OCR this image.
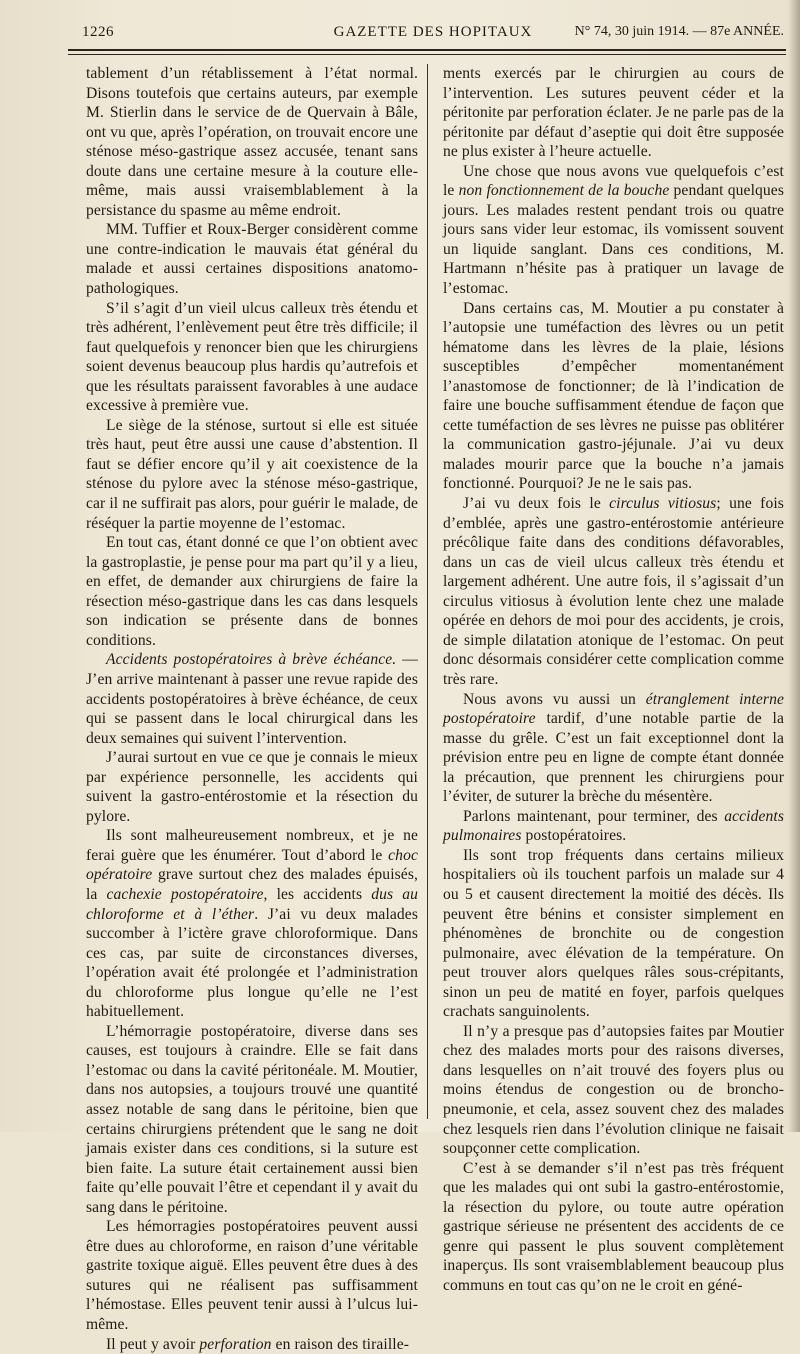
1226	GAZETTE DES HOPITAUX	N° 74, 30 juin 1914. — 87e ANNÉE.

tablement d’un rétablissement à l’état normal. Disons toutefois que certains auteurs, par exemple M. Stierlin dans le service de de Quervain à Bâle, ont vu que, après l’opération, on trouvait encore une sténose méso-gastrique assez accusée, tenant sans doute dans une certaine mesure à la couture elle-même, mais aussi vraisemblablement à la persistance du spasme au même endroit.

MM. Tuffier et Roux-Berger considèrent comme une contre-indication le mauvais état général du malade et aussi certaines dispositions anatomo-pathologiques.

S’il s’agit d’un vieil ulcus calleux très étendu et très adhérent, l’enlèvement peut être très difficile; il faut quelquefois y renoncer bien que les chirurgiens soient devenus beaucoup plus hardis qu’autrefois et que les résultats paraissent favorables à une audace excessive à première vue.

Le siège de la sténose, surtout si elle est située très haut, peut être aussi une cause d’abstention. Il faut se défier encore qu’il y ait coexistence de la sténose du pylore avec la sténose méso-gastrique, car il ne suffirait pas alors, pour guérir le malade, de réséquer la partie moyenne de l’estomac.

En tout cas, étant donné ce que l’on obtient avec la gastroplastie, je pense pour ma part qu’il y a lieu, en effet, de demander aux chirurgiens de faire la résection méso-gastrique dans les cas dans lesquels son indication se présente dans de bonnes conditions.

Accidents postopératoires à brève échéance. — J’en arrive maintenant à passer une revue rapide des accidents postopératoires à brève échéance, de ceux qui se passent dans le local chirurgical dans les deux semaines qui suivent l’intervention.

J’aurai surtout en vue ce que je connais le mieux par expérience personnelle, les accidents qui suivent la gastro-entérostomie et la résection du pylore.

Ils sont malheureusement nombreux, et je ne ferai guère que les énumérer. Tout d’abord le choc opératoire grave surtout chez des malades épuisés, la cachexie postopératoire, les accidents dus au chloroforme et à l’éther. J’ai vu deux malades succomber à l’ictère grave chloroformique. Dans ces cas, par suite de circonstances diverses, l’opération avait été prolongée et l’administration du chloroforme plus longue qu’elle ne l’est habituellement.

L’hémorragie postopératoire, diverse dans ses causes, est toujours à craindre. Elle se fait dans l’estomac ou dans la cavité péritonéale. M. Moutier, dans nos autopsies, a toujours trouvé une quantité assez notable de sang dans le péritoine, bien que certains chirurgiens prétendent que le sang ne doit jamais exister dans ces conditions, si la suture est bien faite. La suture était certainement aussi bien faite qu’elle pouvait l’être et cependant il y avait du sang dans le péritoine.

Les hémorragies postopératoires peuvent aussi être dues au chloroforme, en raison d’une véritable gastrite toxique aiguë. Elles peuvent être dues à des sutures qui ne réalisent pas suffisamment l’hémostase. Elles peuvent tenir aussi à l’ulcus lui-même.

Il peut y avoir perforation en raison des tiraille-

ments exercés par le chirurgien au cours de l’intervention. Les sutures peuvent céder et la péritonite par perforation éclater. Je ne parle pas de la péritonite par défaut d’aseptie qui doit être supposée ne plus exister à l’heure actuelle.

Une chose que nous avons vue quelquefois c’est le non fonctionnement de la bouche pendant quelques jours. Les malades restent pendant trois ou quatre jours sans vider leur estomac, ils vomissent souvent un liquide sanglant. Dans ces conditions, M. Hartmann n’hésite pas à pratiquer un lavage de l’estomac.

Dans certains cas, M. Moutier a pu constater à l’autopsie une tuméfaction des lèvres ou un petit hématome dans les lèvres de la plaie, lésions susceptibles d’empêcher momentanément l’anastomose de fonctionner; de là l’indication de faire une bouche suffisamment étendue de façon que cette tuméfaction de ses lèvres ne puisse pas oblitérer la communication gastro-jéjunale. J’ai vu deux malades mourir parce que la bouche n’a jamais fonctionné. Pourquoi? Je ne le sais pas.

J’ai vu deux fois le circulus vitiosus; une fois d’emblée, après une gastro-entérostomie antérieure précôlique faite dans des conditions défavorables, dans un cas de vieil ulcus calleux très étendu et largement adhérent. Une autre fois, il s’agissait d’un circulus vitiosus à évolution lente chez une malade opérée en dehors de moi pour des accidents, je crois, de simple dilatation atonique de l’estomac. On peut donc désormais considérer cette complication comme très rare.

Nous avons vu aussi un étranglement interne postopératoire tardif, d’une notable partie de la masse du grêle. C’est un fait exceptionnel dont la prévision entre peu en ligne de compte étant donnée la précaution, que prennent les chirurgiens pour l’éviter, de suturer la brèche du mésentère.

Parlons maintenant, pour terminer, des accidents pulmonaires postopératoires.

Ils sont trop fréquents dans certains milieux hospitaliers où ils touchent parfois un malade sur 4 ou 5 et causent directement la moitié des décès. Ils peuvent être bénins et consister simplement en phénomènes de bronchite ou de congestion pulmonaire, avec élévation de la température. On peut trouver alors quelques râles sous-crépitants, sinon un peu de matité en foyer, parfois quelques crachats sanguinolents.

Il n’y a presque pas d’autopsies faites par Moutier chez des malades morts pour des raisons diverses, dans lesquelles on n’ait trouvé des foyers plus ou moins étendus de congestion ou de broncho-pneumonie, et cela, assez souvent chez des malades chez lesquels rien dans l’évolution clinique ne faisait soupçonner cette complication.

C’est à se demander s’il n’est pas très fréquent que les malades qui ont subi la gastro-entérostomie, la résection du pylore, ou toute autre opération gastrique sérieuse ne présentent des accidents de ce genre qui passent le plus souvent complètement inaperçus. Ils sont vraisemblablement beaucoup plus communs en tout cas qu’on ne le croit en géné-
